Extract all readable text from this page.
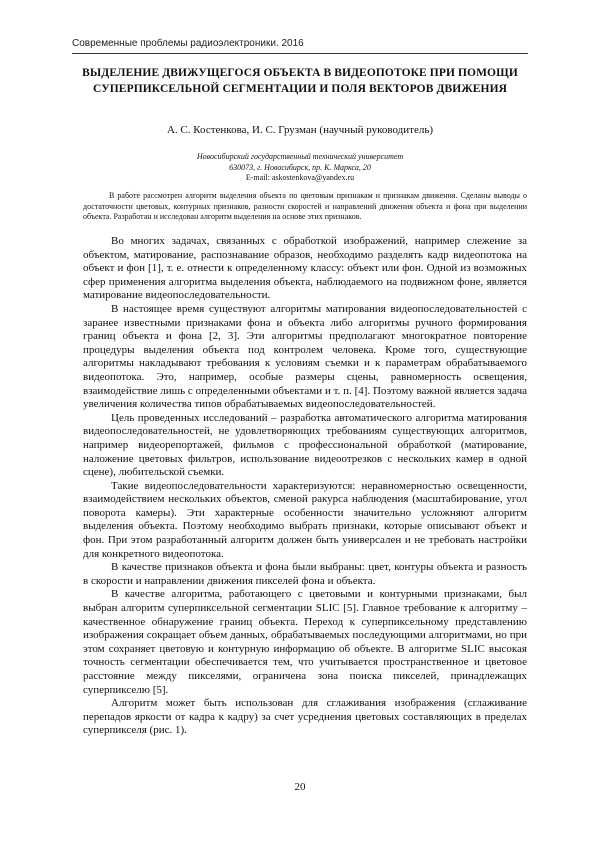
Современные проблемы радиоэлектроники. 2016
ВЫДЕЛЕНИЕ ДВИЖУЩЕГОСЯ ОБЪЕКТА В ВИДЕОПОТОКЕ ПРИ ПОМОЩИ
СУПЕРПИКСЕЛЬНОЙ СЕГМЕНТАЦИИ И ПОЛЯ ВЕКТОРОВ ДВИЖЕНИЯ
А. С. Костенкова, И. С. Грузман (научный руководитель)
Новосибирский государственный технический университет
630073, г. Новосибирск, пр. К. Маркса, 20
E-mail: askostenkova@yandex.ru
В работе рассмотрен алгоритм выделения объекта по цветовым признакам и признакам движения. Сделаны выводы о достаточности цветовых, контурных признаков, разности скоростей и направлений движения объекта и фона при выделении объекта. Разработан и исследован алгоритм выделения на основе этих признаков.

Во многих задачах, связанных с обработкой изображений, например слежение за объектом, матирование, распознавание образов, необходимо разделять кадр видеопотока на объект и фон [1], т. е. отнести к определенному классу: объект или фон. Одной из возможных сфер применения алгоритма выделения объекта, наблюдаемого на подвижном фоне, является матирование видеопоследовательности.

В настоящее время существуют алгоритмы матирования видеопоследовательностей с заранее известными признаками фона и объекта либо алгоритмы ручного формирования границ объекта и фона [2, 3]. Эти алгоритмы предполагают многократное повторение процедуры выделения объекта под контролем человека. Кроме того, существующие алгоритмы накладывают требования к условиям съемки и к параметрам обрабатываемого видеопотока. Это, например, особые размеры сцены, равномерность освещения, взаимодействие лишь с определенными объектами и т. п. [4]. Поэтому важной является задача увеличения количества типов обрабатываемых видеопоследовательностей.

Цель проведенных исследований – разработка автоматического алгоритма матирования видеопоследовательностей, не удовлетворяющих требованиям существующих алгоритмов, например видеорепортажей, фильмов с профессиональной обработкой (матирование, наложение цветовых фильтров, использование видеоотрезков с нескольких камер в одной сцене), любительской съемки.

Такие видеопоследовательности характеризуются: неравномерностью освещенности, взаимодействием нескольких объектов, сменой ракурса наблюдения (масштабирование, угол поворота камеры). Эти характерные особенности значительно усложняют алгоритм выделения объекта. Поэтому необходимо выбрать признаки, которые описывают объект и фон. При этом разработанный алгоритм должен быть универсален и не требовать настройки для конкретного видеопотока.

В качестве признаков объекта и фона были выбраны: цвет, контуры объекта и разность в скорости и направлении движения пикселей фона и объекта.

В качестве алгоритма, работающего с цветовыми и контурными признаками, был выбран алгоритм суперпиксельной сегментации SLIC [5]. Главное требование к алгоритму – качественное обнаружение границ объекта. Переход к суперпиксельному представлению изображения сокращает объем данных, обрабатываемых последующими алгоритмами, но при этом сохраняет цветовую и контурную информацию об объекте. В алгоритме SLIC высокая точность сегментации обеспечивается тем, что учитывается пространственное и цветовое расстояние между пикселями, ограничена зона поиска пикселей, принадлежащих суперпикселю [5].

Алгоритм может быть использован для сглаживания изображения (сглаживание перепадов яркости от кадра к кадру) за счет усреднения цветовых составляющих в пределах суперпикселя (рис. 1).

20
